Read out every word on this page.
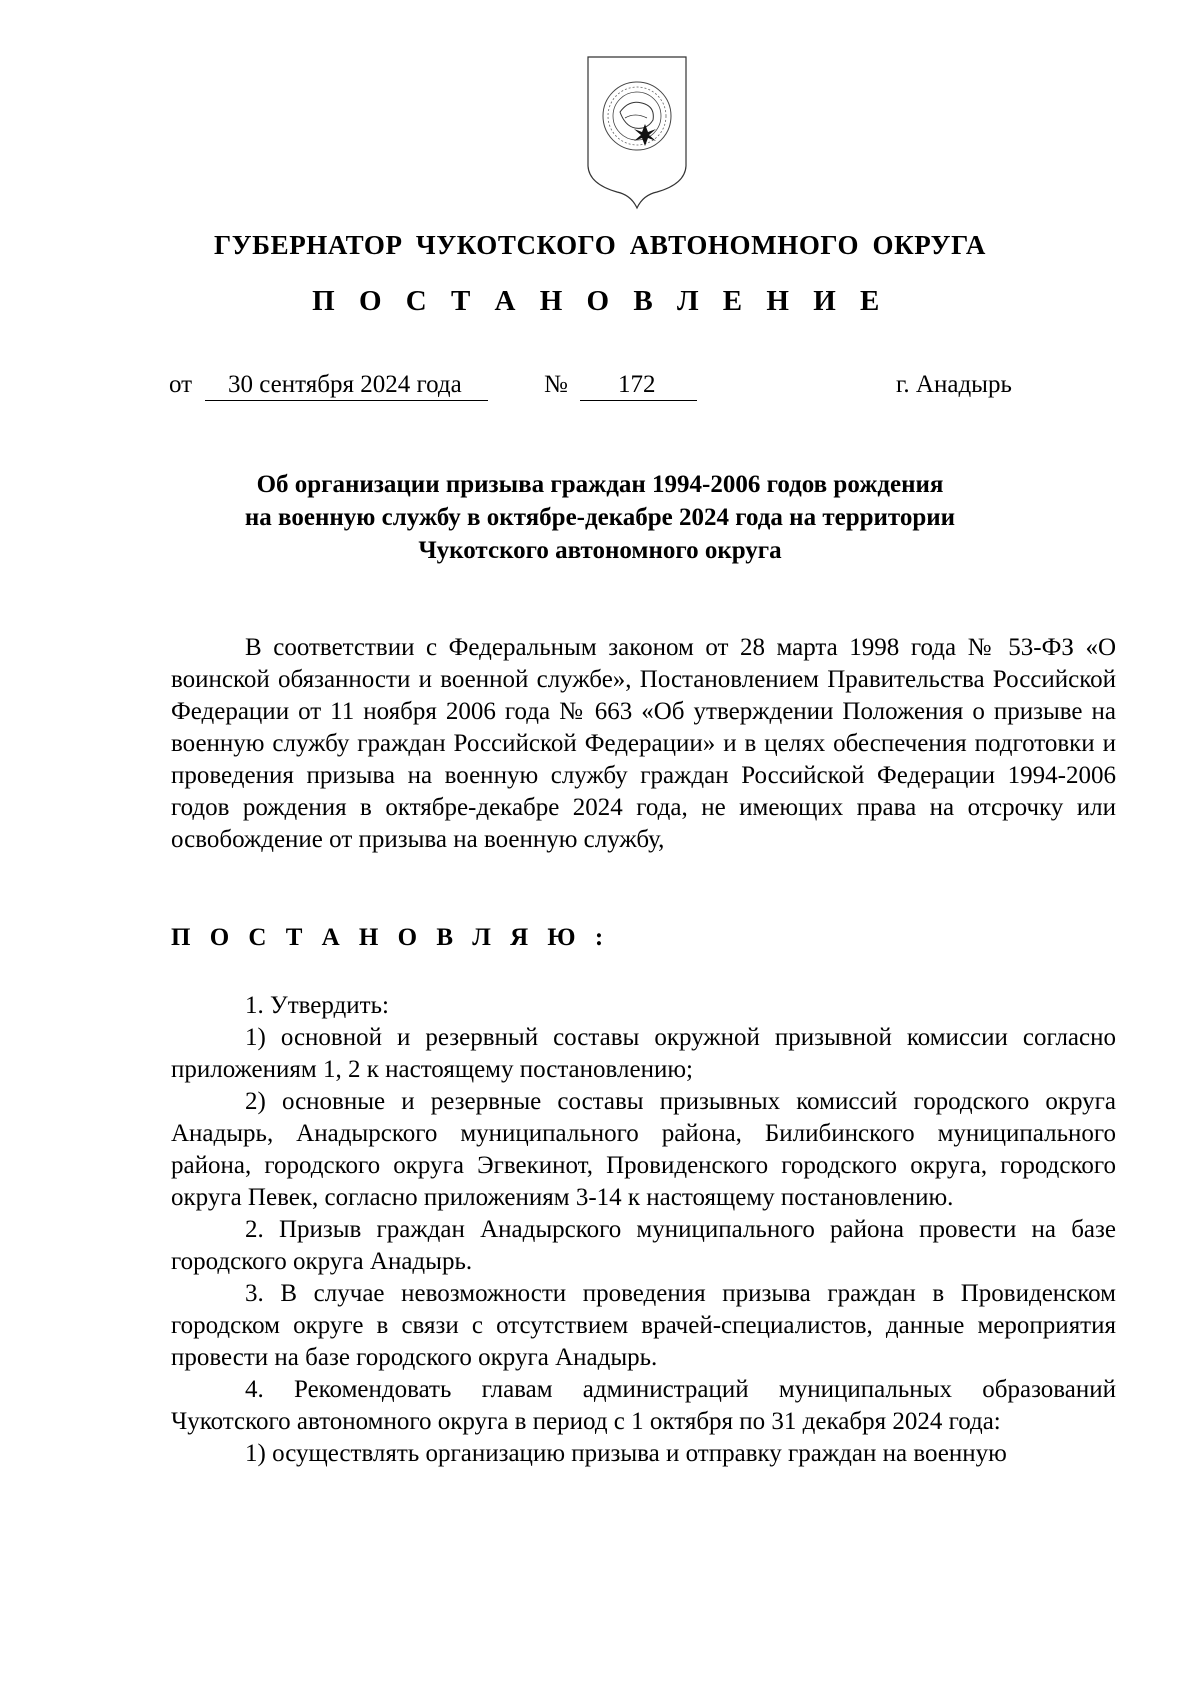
ГУБЕРНАТОР ЧУКОТСКОГО АВТОНОМНОГО ОКРУГА
П О С Т А Н О В Л Е Н И Е
от 30 сентября 2024 года	№ 172	г. Анадырь
Об организации призыва граждан 1994-2006 годов рождения
на военную службу в октябре-декабре 2024 года на территории
Чукотского автономного округа

В соответствии с Федеральным законом от 28 марта 1998 года № 53-ФЗ «О воинской обязанности и военной службе», Постановлением Правительства Российской Федерации от 11 ноября 2006 года № 663 «Об утверждении Положения о призыве на военную службу граждан Российской Федерации» и в целях обеспечения подготовки и проведения призыва на военную службу граждан Российской Федерации 1994-2006 годов рождения в октябре-декабре 2024 года, не имеющих права на отсрочку или освобождение от призыва на военную службу,

П О С Т А Н О В Л Я Ю :

1. Утвердить:

1) основной и резервный составы окружной призывной комиссии согласно приложениям 1, 2 к настоящему постановлению;

2) основные и резервные составы призывных комиссий городского округа Анадырь, Анадырского муниципального района, Билибинского муниципального района, городского округа Эгвекинот, Провиденского городского округа, городского округа Певек, согласно приложениям 3-14 к настоящему постановлению.

2. Призыв граждан Анадырского муниципального района провести на базе городского округа Анадырь.

3. В случае невозможности проведения призыва граждан в Провиденском городском округе в связи с отсутствием врачей-специалистов, данные мероприятия провести на базе городского округа Анадырь.

4. Рекомендовать главам администраций муниципальных образований Чукотского автономного округа в период с 1 октября по 31 декабря 2024 года:

1) осуществлять организацию призыва и отправку граждан на военную
